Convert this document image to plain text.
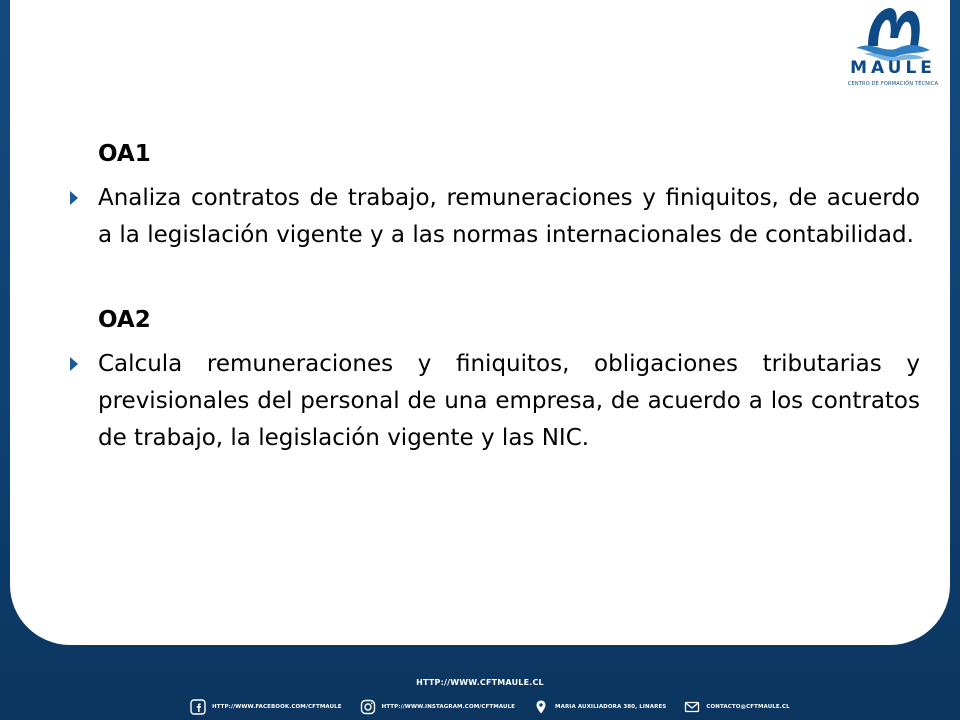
MAULE
CENTRO DE FORMACIÓN TÉCNICA
OA1
Analiza contratos de trabajo, remuneraciones y finiquitos, de acuerdo a la legislación vigente y a las normas internacionales de contabilidad.
OA2
Calcula remuneraciones y finiquitos, obligaciones tributarias y previsionales del personal de una empresa, de acuerdo a los contratos de trabajo, la legislación vigente y las NIC.
HTTP://WWW.CFTMAULE.CL
HTTP://WWW.FACEBOOK.COM/CFTMAULE	HTTP://WWW.INSTAGRAM.COM/CFTMAULE	MARIA AUXILIADORA 380, LINARES	CONTACTO@CFTMAULE.CL
